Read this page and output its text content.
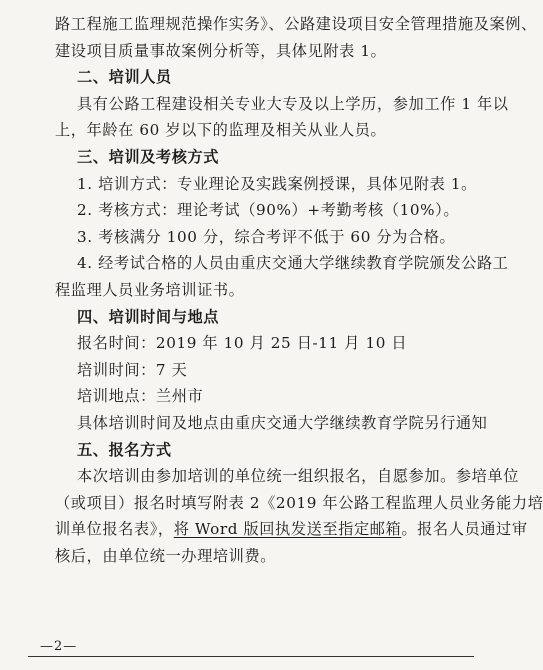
路工程施工监理规范操作实务》、公路建设项目安全管理措施及案例、
建设项目质量事故案例分析等，具体见附表 1。
二、培训人员
具有公路工程建设相关专业大专及以上学历，参加工作 1 年以
上，年龄在 60 岁以下的监理及相关从业人员。
三、培训及考核方式
1. 培训方式：专业理论及实践案例授课，具体见附表 1。
2. 考核方式：理论考试（90%）+考勤考核（10%）。
3. 考核满分 100 分，综合考评不低于 60 分为合格。
4. 经考试合格的人员由重庆交通大学继续教育学院颁发公路工
程监理人员业务培训证书。
四、培训时间与地点
报名时间：2019 年 10 月 25 日-11 月 10 日
培训时间：7 天
培训地点：兰州市
具体培训时间及地点由重庆交通大学继续教育学院另行通知
五、报名方式
本次培训由参加培训的单位统一组织报名，自愿参加。参培单位
（或项目）报名时填写附表 2《2019 年公路工程监理人员业务能力培
—2—
训单位报名表》，将 Word 版回执发送至指定邮箱。报名人员通过审
核后，由单位统一办理培训费。
